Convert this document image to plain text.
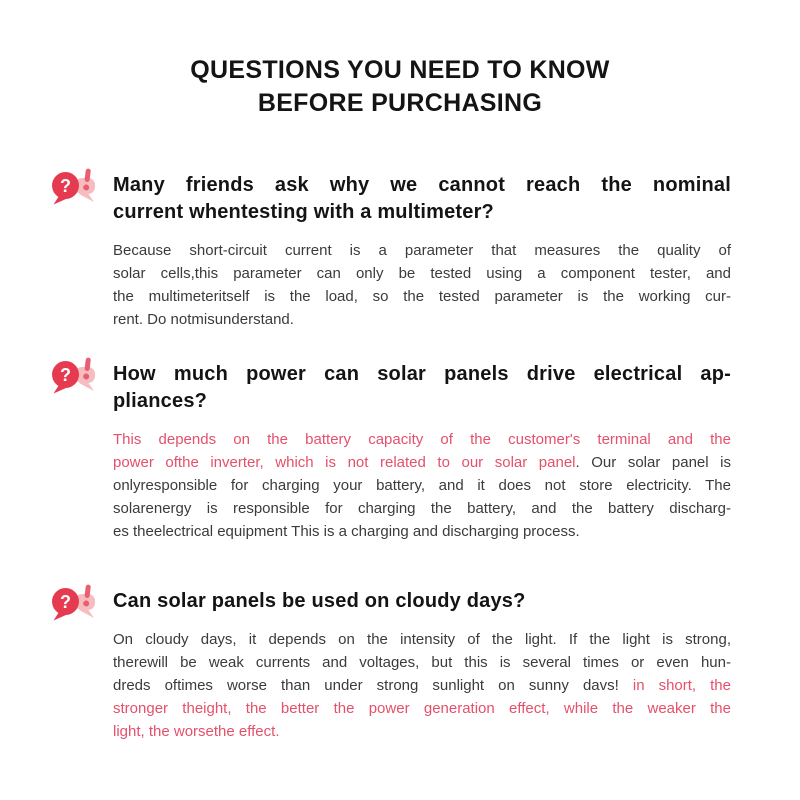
QUESTIONS YOU NEED TO KNOW
BEFORE PURCHASING
? Many friends ask why we cannot reach the nominal
current whentesting with a multimeter?

Because short-circuit current is a parameter that measures the quality of
solar cells,this parameter can only be tested using a component tester, and
the multimeteritself is the load, so the tested parameter is the working cur-
rent. Do notmisunderstand.

? How much power can solar panels drive electrical ap-
pliances?

This depends on the battery capacity of the customer's terminal and the
power ofthe inverter, which is not related to our solar panel. Our solar panel is
onlyresponsible for charging your battery, and it does not store electricity. The
solarenergy is responsible for charging the battery, and the battery discharg-
es theelectrical equipment This is a charging and discharging process.

? Can solar panels be used on cloudy days?

On cloudy days, it depends on the intensity of the light. If the light is strong,
therewill be weak currents and voltages, but this is several times or even hun-
dreds oftimes worse than under strong sunlight on sunny davs! in short, the
stronger theight, the better the power generation effect, while the weaker the
light, the worsethe effect.
